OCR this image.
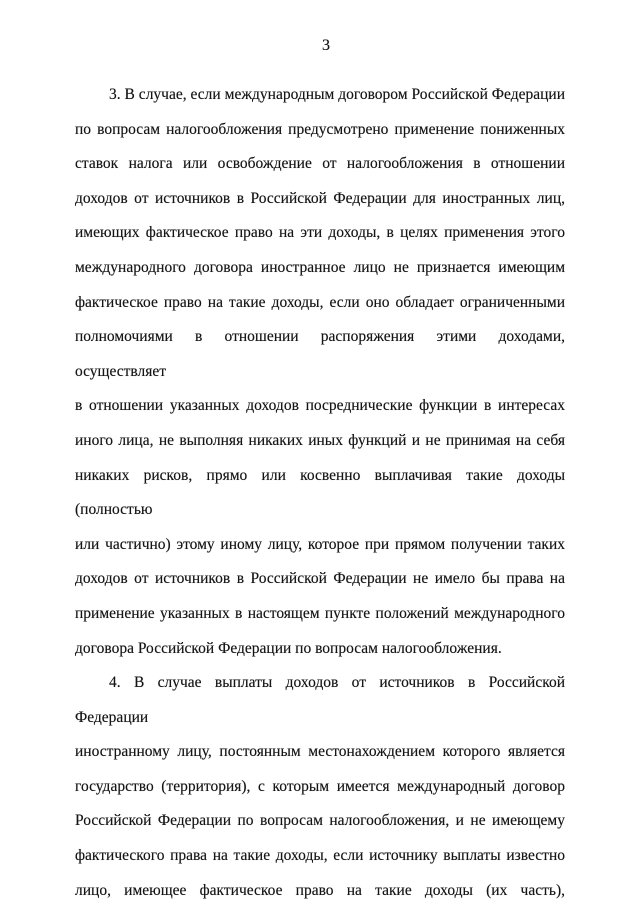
3
3. В случае, если международным договором Российской Федерации
по вопросам налогообложения предусмотрено применение пониженных
ставок налога или освобождение от налогообложения в отношении
доходов от источников в Российской Федерации для иностранных лиц,
имеющих фактическое право на эти доходы, в целях применения этого
международного договора иностранное лицо не признается имеющим
фактическое право на такие доходы, если оно обладает ограниченными
полномочиями в отношении распоряжения этими доходами, осуществляет
в отношении указанных доходов посреднические функции в интересах
иного лица, не выполняя никаких иных функций и не принимая на себя
никаких рисков, прямо или косвенно выплачивая такие доходы (полностью
или частично) этому иному лицу, которое при прямом получении таких
доходов от источников в Российской Федерации не имело бы права на
применение указанных в настоящем пункте положений международного
договора Российской Федерации по вопросам налогообложения.
4. В случае выплаты доходов от источников в Российской Федерации
иностранному лицу, постоянным местонахождением которого является
государство (территория), с которым имеется международный договор
Российской Федерации по вопросам налогообложения, и не имеющему
фактического права на такие доходы, если источнику выплаты известно
лицо, имеющее фактическое право на такие доходы (их часть),
